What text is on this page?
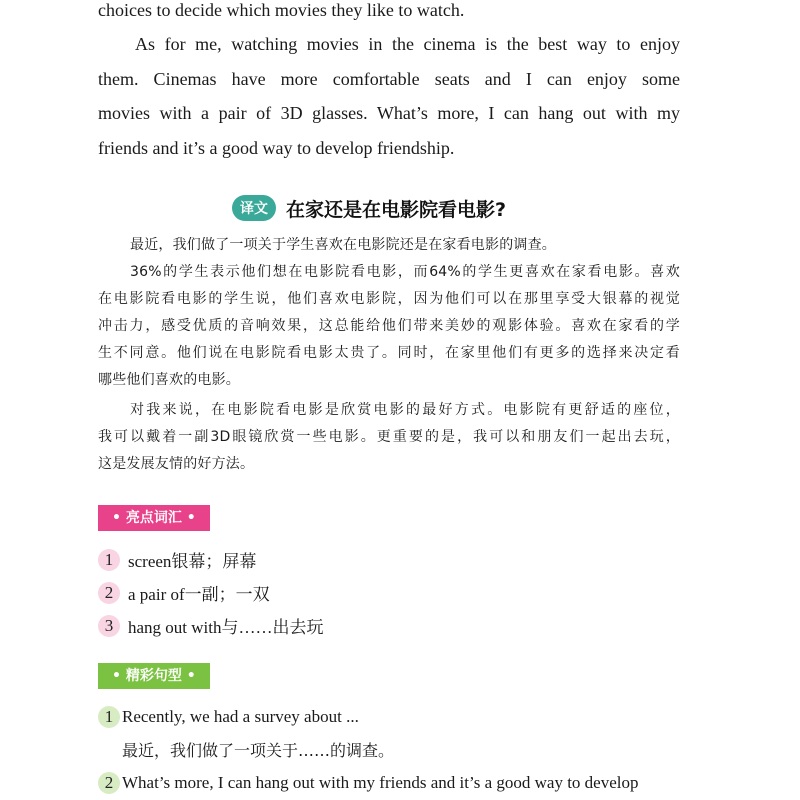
choices to decide which movies they like to watch.
As for me, watching movies in the cinema is the best way to enjoy
them. Cinemas have more comfortable seats and I can enjoy some
movies with a pair of 3D glasses. What’s more, I can hang out with my
friends and it’s a good way to develop friendship.
译文 在家还是在电影院看电影?
最近，我们做了一项关于学生喜欢在电影院还是在家看电影的调查。
36%的学生表示他们想在电影院看电影，而64%的学生更喜欢在家看电影。喜欢
在电影院看电影的学生说，他们喜欢电影院，因为他们可以在那里享受大银幕的视觉
冲击力，感受优质的音响效果，这总能给他们带来美妙的观影体验。喜欢在家看的学
生不同意。他们说在电影院看电影太贵了。同时，在家里他们有更多的选择来决定看
哪些他们喜欢的电影。
对我来说，在电影院看电影是欣赏电影的最好方式。电影院有更舒适的座位，
我可以戴着一副3D眼镜欣赏一些电影。更重要的是，我可以和朋友们一起出去玩，
这是发展友情的好方法。
• 亮点词汇 •
1 screen银幕；屏幕
2 a pair of一副；一双
3 hang out with与……出去玩
• 精彩句型 •
1 Recently, we had a survey about ...
最近，我们做了一项关于……的调查。
2 What’s more, I can hang out with my friends and it’s a good way to develop
